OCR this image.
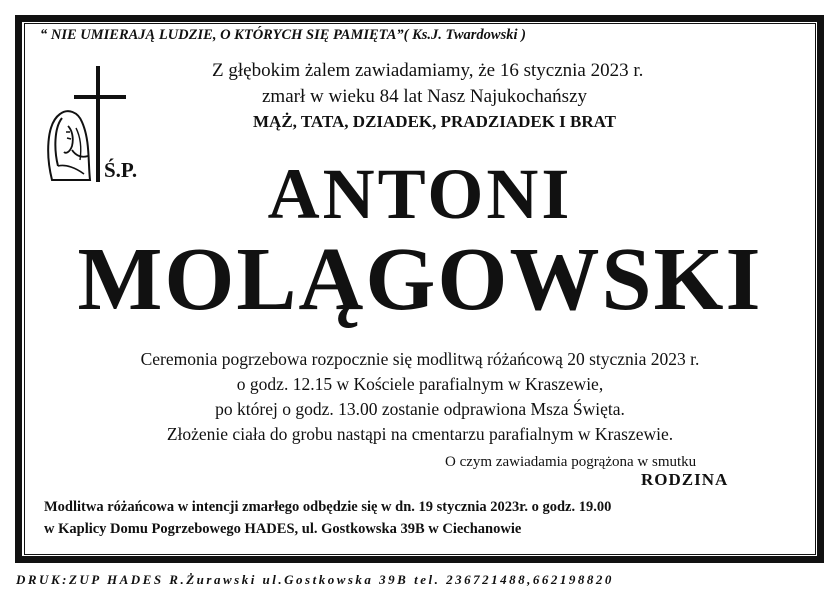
“ NIE UMIERAJĄ LUDZIE, O KTÓRYCH SIĘ PAMIĘTA”( Ks.J. Twardowski )
Ś.P.
Z głębokim żalem zawiadamiamy, że 16 stycznia 2023 r.
zmarł w wieku 84 lat Nasz Najukochańszy
MĄŻ, TATA, DZIADEK, PRADZIADEK I BRAT
ANTONI
MOLĄGOWSKI
Ceremonia pogrzebowa rozpocznie się modlitwą różańcową 20 stycznia 2023 r.
o godz. 12.15 w Kościele parafialnym w Kraszewie,
po której o godz. 13.00 zostanie odprawiona Msza Święta.
Złożenie ciała do grobu nastąpi na cmentarzu parafialnym w Kraszewie.
O czym zawiadamia pogrążona w smutku
RODZINA
Modlitwa różańcowa w intencji zmarłego odbędzie się w dn. 19 stycznia 2023r. o godz. 19.00
w Kaplicy Domu Pogrzebowego HADES, ul. Gostkowska 39B w Ciechanowie
DRUK:ZUP HADES R.Żurawski ul.Gostkowska 39B tel. 236721488,662198820
